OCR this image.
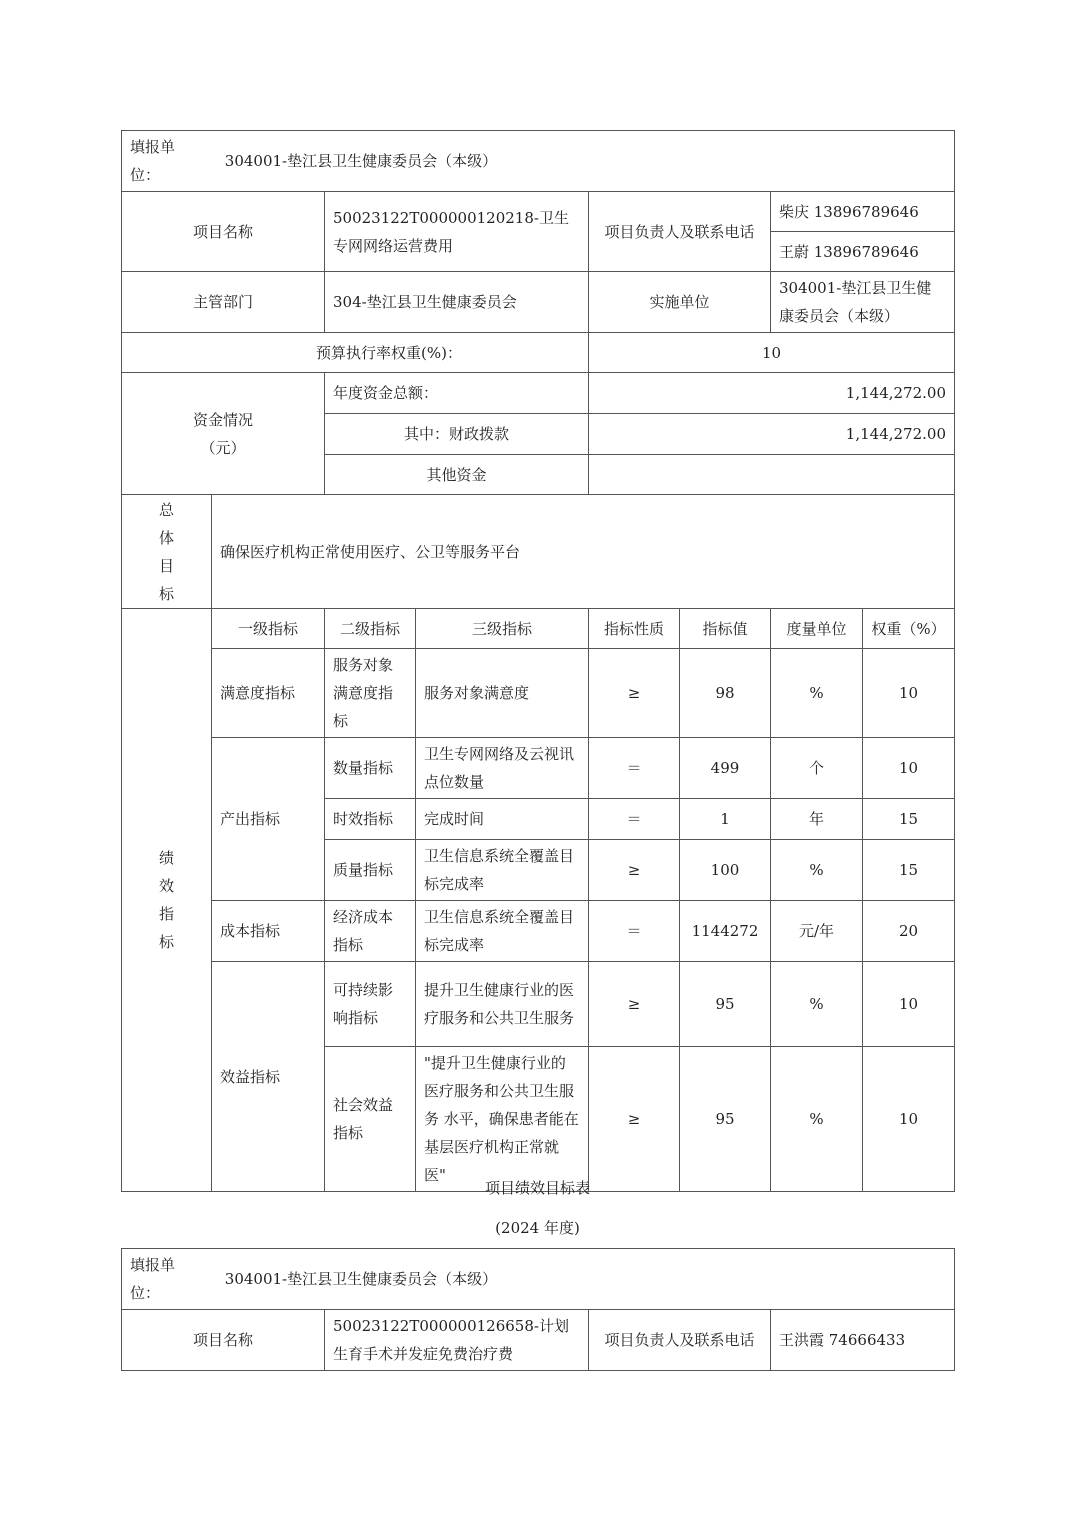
填报单
位： 304001-垫江县卫生健康委员会（本级）							
项目名称		50023122T000000120218-卫生专网网络运营费用		项目负责人及联系电话		柴庆 13896789646	
						王蔚 13896789646	
主管部门		304-垫江县卫生健康委员会		实施单位		304001-垫江县卫生健康委员会（本级）	
预算执行率权重(%)：				10			
资金情况
（元）		年度资金总额：		1,144,272.00			
		其中：财政拨款		1,144,272.00			
		其他资金					
总
体
目
标	确保医疗机构正常使用医疗、公卫等服务平台						
绩
效
指
标	一级指标	二级指标	三级指标	指标性质	指标值	度量单位	权重（%）
	满意度指标	服务对象满意度指标	服务对象满意度	≥	98	%	10
	产出指标	数量指标	卫生专网网络及云视讯点位数量	＝	499	个	10
		时效指标	完成时间	＝	1	年	15
		质量指标	卫生信息系统全覆盖目标完成率	≥	100	%	15
	成本指标	经济成本指标	卫生信息系统全覆盖目标完成率	＝	1144272	元/年	20
	效益指标	可持续影响指标	提升卫生健康行业的医疗服务和公共卫生服务	≥	95	%	10
		社会效益指标	"提升卫生健康行业的医疗服务和公共卫生服务 水平，确保患者能在基层医疗机构正常就医"	≥	95	%	10
项目绩效目标表
(2024 年度)
填报单
位： 304001-垫江县卫生健康委员会（本级）
项目名称	50023122T000000126658-计划生育手术并发症免费治疗费	项目负责人及联系电话	王洪霞 74666433
